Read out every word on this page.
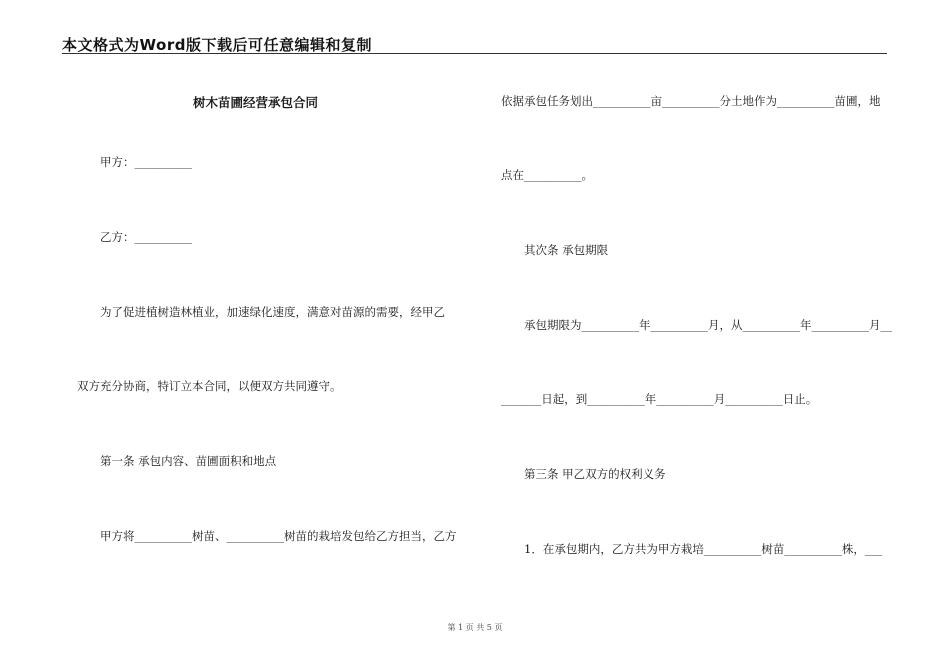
本文格式为Word版下载后可任意编辑和复制
树木苗圃经营承包合同
甲方：__________
乙方：__________
为了促进植树造林植业，加速绿化速度，满意对苗源的需要，经甲乙
双方充分协商，特订立本合同，以便双方共同遵守。
第一条 承包内容、苗圃面积和地点
甲方将__________树苗、__________树苗的栽培发包给乙方担当，乙方
依据承包任务划出__________亩__________分土地作为__________苗圃，地
点在__________。
其次条 承包期限
承包期限为__________年__________月，从__________年__________月__
_______日起，到__________年__________月__________日止。
第三条 甲乙双方的权利义务
1．在承包期内，乙方共为甲方栽培__________树苗__________株，___
第 1 页 共 5 页
